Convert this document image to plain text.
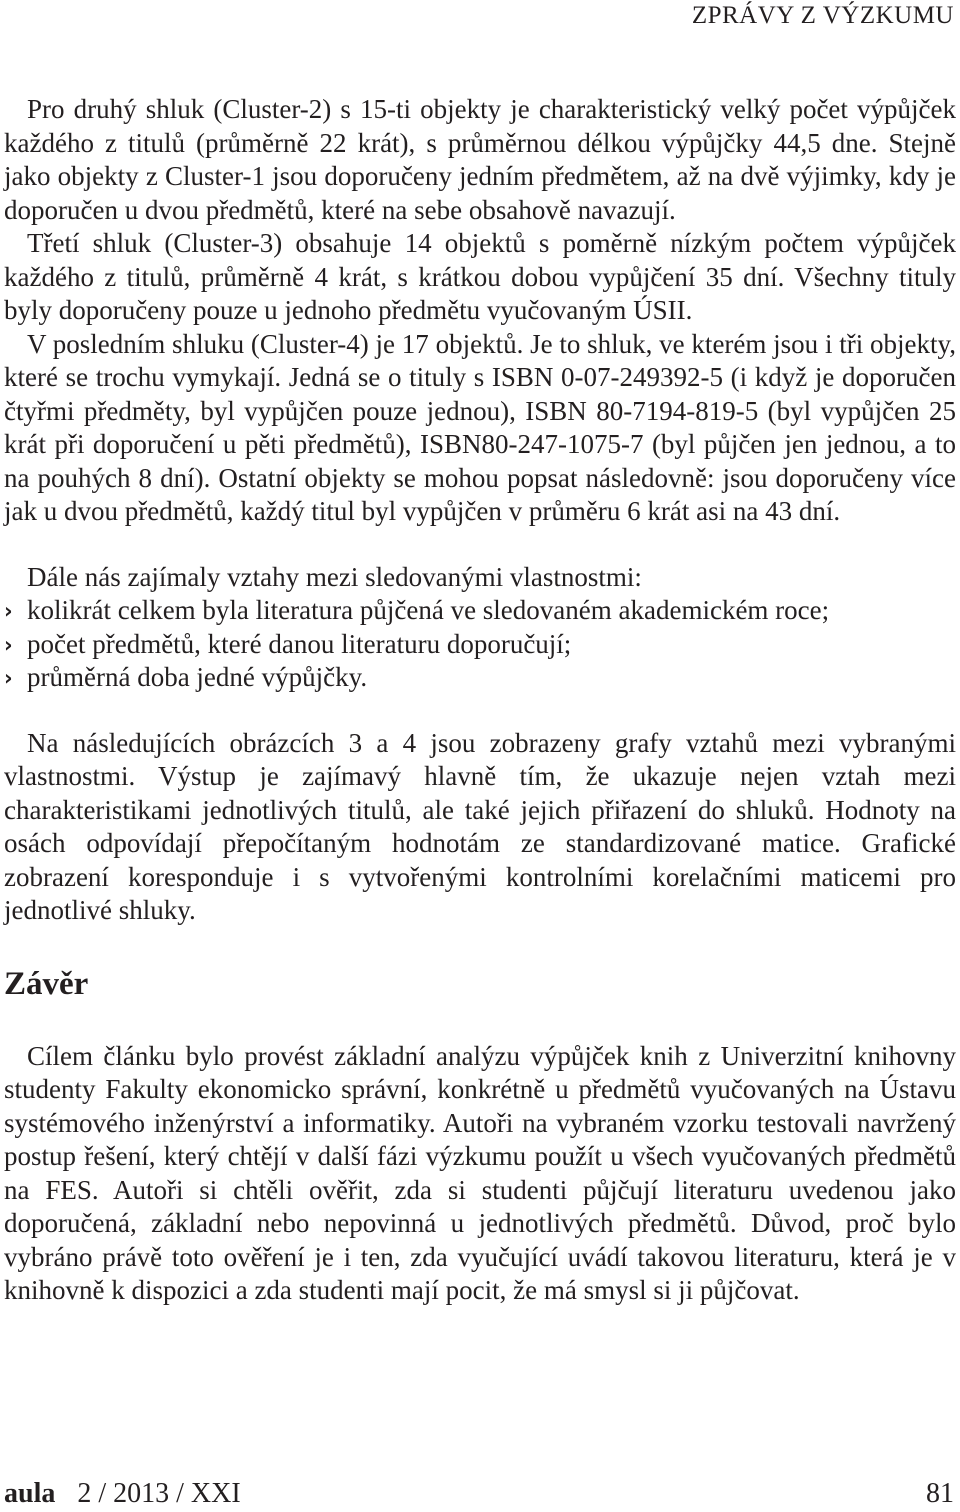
ZPRÁVY Z VÝZKUMU

Pro druhý shluk (Cluster-2) s 15-ti objekty je charakteristický velký počet výpůjček každého z titulů (průměrně 22 krát), s průměrnou délkou výpůjčky 44,5 dne. Stejně jako objekty z Cluster-1 jsou doporučeny jedním předmětem, až na dvě výjimky, kdy je doporučen u dvou předmětů, které na sebe obsahově navazují.

Třetí shluk (Cluster-3) obsahuje 14 objektů s poměrně nízkým počtem výpůjček každého z titulů, průměrně 4 krát, s krátkou dobou vypůjčení 35 dní. Všechny tituly byly doporučeny pouze u jednoho předmětu vyučovaným ÚSII.

V posledním shluku (Cluster-4) je 17 objektů. Je to shluk, ve kterém jsou i tři objekty, které se trochu vymykají. Jedná se o tituly s ISBN 0-07-249392-5 (i když je doporučen čtyřmi předměty, byl vypůjčen pouze jednou), ISBN 80-7194-819-5 (byl vypůjčen 25 krát při doporučení u pěti předmětů), ISBN80-247-1075-7 (byl půjčen jen jednou, a to na pouhých 8 dní). Ostatní objekty se mohou popsat následovně: jsou doporučeny více jak u dvou předmětů, každý titul byl vypůjčen v průměru 6 krát asi na 43 dní.

Dále nás zajímaly vztahy mezi sledovanými vlastnostmi:

› kolikrát celkem byla literatura půjčená ve sledovaném akademickém roce;
› počet předmětů, které danou literaturu doporučují;
› průměrná doba jedné výpůjčky.

Na následujících obrázcích 3 a 4 jsou zobrazeny grafy vztahů mezi vybranými vlastnostmi. Výstup je zajímavý hlavně tím, že ukazuje nejen vztah mezi charakteristikami jednotlivých titulů, ale také jejich přiřazení do shluků. Hodnoty na osách odpovídají přepočítaným hodnotám ze standardizované matice. Grafické zobrazení koresponduje i s vytvořenými kontrolními korelačními maticemi pro jednotlivé shluky.

Závěr

Cílem článku bylo provést základní analýzu výpůjček knih z Univerzitní knihovny studenty Fakulty ekonomicko správní, konkrétně u předmětů vyučovaných na Ústavu systémového inženýrství a informatiky. Autoři na vybraném vzorku testovali navržený postup řešení, který chtějí v další fázi výzkumu použít u všech vyučovaných předmětů na FES. Autoři si chtěli ověřit, zda si studenti půjčují literaturu uvedenou jako doporučená, základní nebo nepovinná u jednotlivých předmětů. Důvod, proč bylo vybráno právě toto ověření je i ten, zda vyučující uvádí takovou literaturu, která je v knihovně k dispozici a zda studenti mají pocit, že má smysl si ji půjčovat.

aula 2 / 2013 / XXI	81
